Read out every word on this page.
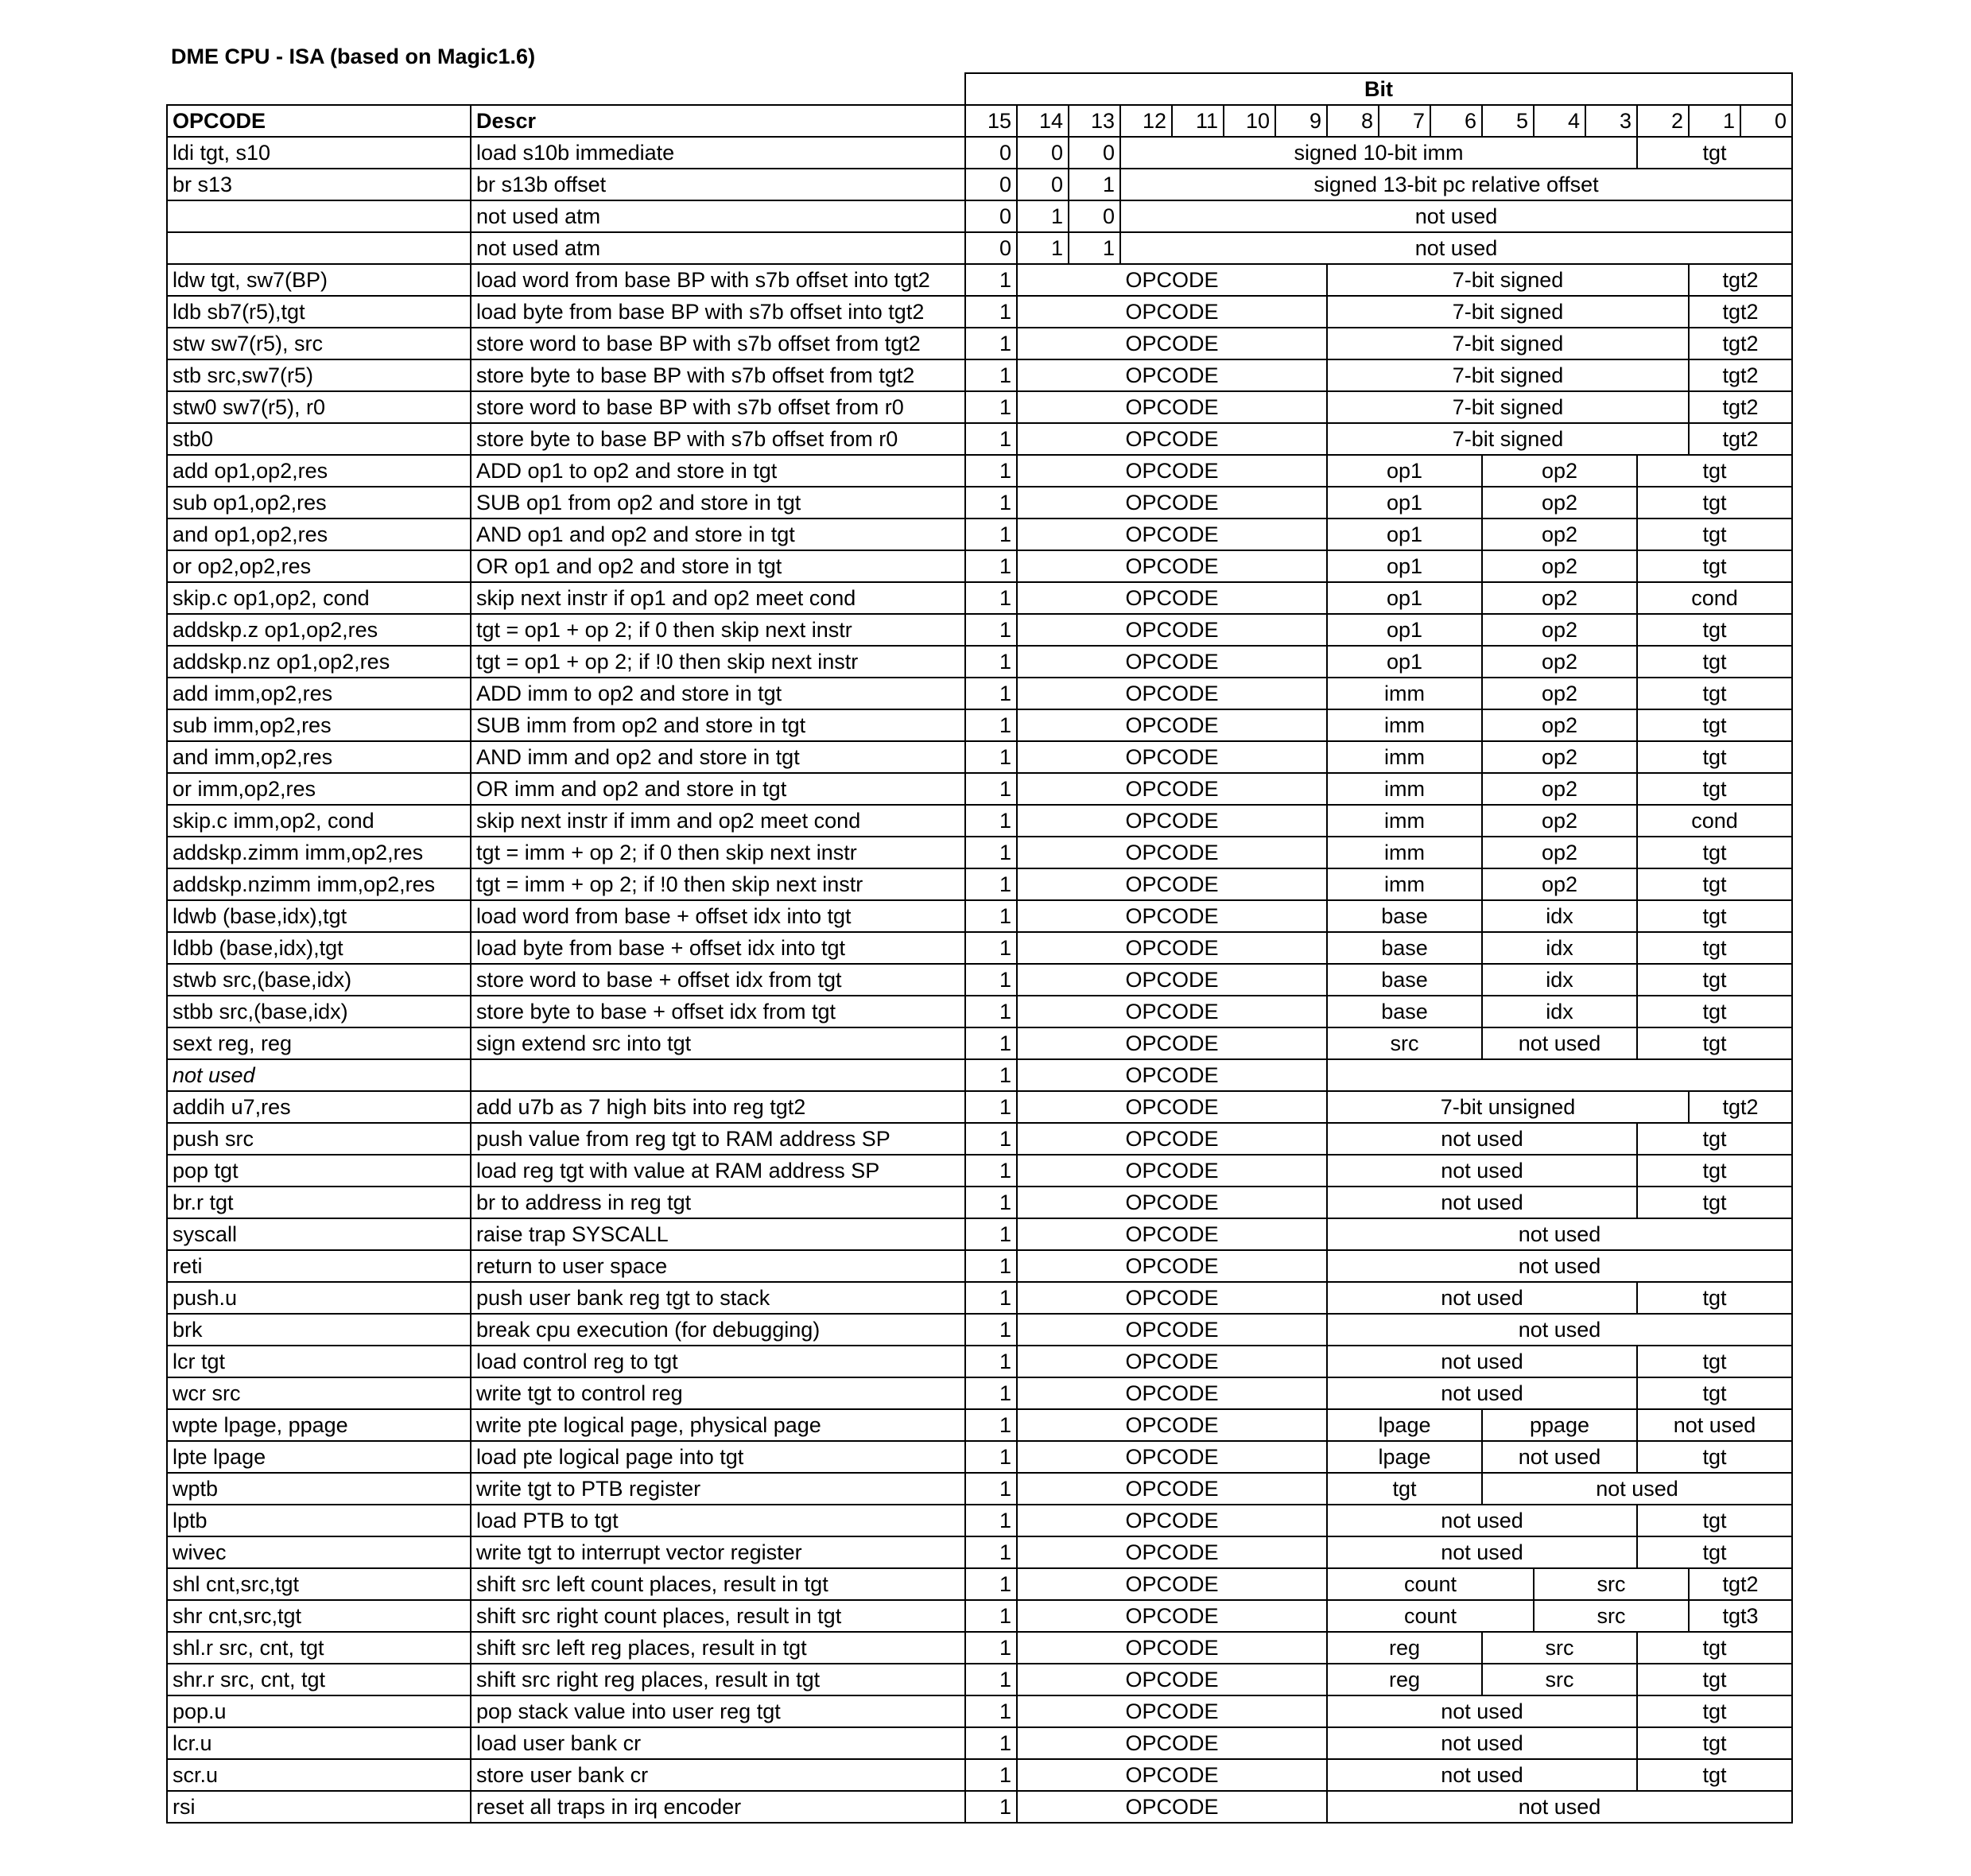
DME CPU - ISA (based on Magic1.6)
		Bit															
OPCODE	Descr	15	14	13	12	11	10	9	8	7	6	5	4	3	2	1	0
ldi tgt, s10	load s10b immediate	0	0	0	signed 10-bit imm										tgt		
br s13	br s13b offset	0	0	1	signed 13-bit pc relative offset												
	not used atm	0	1	0	not used												
	not used atm	0	1	1	not used												
ldw tgt, sw7(BP)	load word from base BP with s7b offset into tgt2	1	OPCODE						7-bit signed							tgt2	
ldb sb7(r5),tgt	load byte from base BP with s7b offset into tgt2	1	OPCODE						7-bit signed							tgt2	
stw sw7(r5), src	store word to base BP with s7b offset from tgt2	1	OPCODE						7-bit signed							tgt2	
stb src,sw7(r5)	store byte to base BP with s7b offset from tgt2	1	OPCODE						7-bit signed							tgt2	
stw0 sw7(r5), r0	store word to base BP with s7b offset from r0	1	OPCODE						7-bit signed							tgt2	
stb0	store byte to base BP with s7b offset from r0	1	OPCODE						7-bit signed							tgt2	
add op1,op2,res	ADD op1 to op2 and store in tgt	1	OPCODE						op1			op2			tgt		
sub op1,op2,res	SUB op1 from op2 and store in tgt	1	OPCODE						op1			op2			tgt		
and op1,op2,res	AND op1 and op2 and store in tgt	1	OPCODE						op1			op2			tgt		
or op2,op2,res	OR op1 and op2 and store in tgt	1	OPCODE						op1			op2			tgt		
skip.c op1,op2, cond	skip next instr if op1 and op2 meet cond	1	OPCODE						op1			op2			cond		
addskp.z op1,op2,res	tgt = op1 + op 2; if 0 then skip next instr	1	OPCODE						op1			op2			tgt		
addskp.nz op1,op2,res	tgt = op1 + op 2; if !0 then skip next instr	1	OPCODE						op1			op2			tgt		
add imm,op2,res	ADD imm to op2 and store in tgt	1	OPCODE						imm			op2			tgt		
sub imm,op2,res	SUB imm from op2 and store in tgt	1	OPCODE						imm			op2			tgt		
and imm,op2,res	AND imm and op2 and store in tgt	1	OPCODE						imm			op2			tgt		
or imm,op2,res	OR imm and op2 and store in tgt	1	OPCODE						imm			op2			tgt		
skip.c imm,op2, cond	skip next instr if imm and op2 meet cond	1	OPCODE						imm			op2			cond		
addskp.zimm imm,op2,res	tgt = imm + op 2; if 0 then skip next instr	1	OPCODE						imm			op2			tgt		
addskp.nzimm imm,op2,res	tgt = imm + op 2; if !0 then skip next instr	1	OPCODE						imm			op2			tgt		
ldwb (base,idx),tgt	load word from base + offset idx into tgt	1	OPCODE						base			idx			tgt		
ldbb (base,idx),tgt	load byte from base + offset idx into tgt	1	OPCODE						base			idx			tgt		
stwb src,(base,idx)	store word to base + offset idx from tgt	1	OPCODE						base			idx			tgt		
stbb src,(base,idx)	store byte to base + offset idx from tgt	1	OPCODE						base			idx			tgt		
sext reg, reg	sign extend src into tgt	1	OPCODE						src			not used			tgt		
not used		1	OPCODE														
addih u7,res	add u7b as 7 high bits into reg tgt2	1	OPCODE						7-bit unsigned							tgt2	
push src	push value from reg tgt to RAM address SP	1	OPCODE						not used						tgt		
pop tgt	load reg tgt with value at RAM address SP	1	OPCODE						not used						tgt		
br.r tgt	br to address in reg tgt	1	OPCODE						not used						tgt		
syscall	raise trap SYSCALL	1	OPCODE						not used								
reti	return to user space	1	OPCODE						not used								
push.u	push user bank reg tgt to stack	1	OPCODE						not used						tgt		
brk	break cpu execution (for debugging)	1	OPCODE						not used								
lcr tgt	load control reg to tgt	1	OPCODE						not used						tgt		
wcr src	write tgt to control reg	1	OPCODE						not used						tgt		
wpte lpage, ppage	write pte logical page, physical page	1	OPCODE						lpage			ppage			not used		
lpte lpage	load pte logical page into tgt	1	OPCODE						lpage			not used			tgt		
wptb	write tgt to PTB register	1	OPCODE						tgt			not used					
lptb	load PTB to tgt	1	OPCODE						not used						tgt		
wivec	write tgt to interrupt vector register	1	OPCODE						not used						tgt		
shl cnt,src,tgt	shift src left count places, result in tgt	1	OPCODE						count				src			tgt2	
shr cnt,src,tgt	shift src right count places, result in tgt	1	OPCODE						count				src			tgt3	
shl.r src, cnt, tgt	shift src left reg places, result in tgt	1	OPCODE						reg			src			tgt		
shr.r src, cnt, tgt	shift src right reg places, result in tgt	1	OPCODE						reg			src			tgt		
pop.u	pop stack value into user reg tgt	1	OPCODE						not used						tgt		
lcr.u	load user bank cr	1	OPCODE						not used						tgt		
scr.u	store user bank cr	1	OPCODE						not used						tgt		
rsi	reset all traps in irq encoder	1	OPCODE						not used								
